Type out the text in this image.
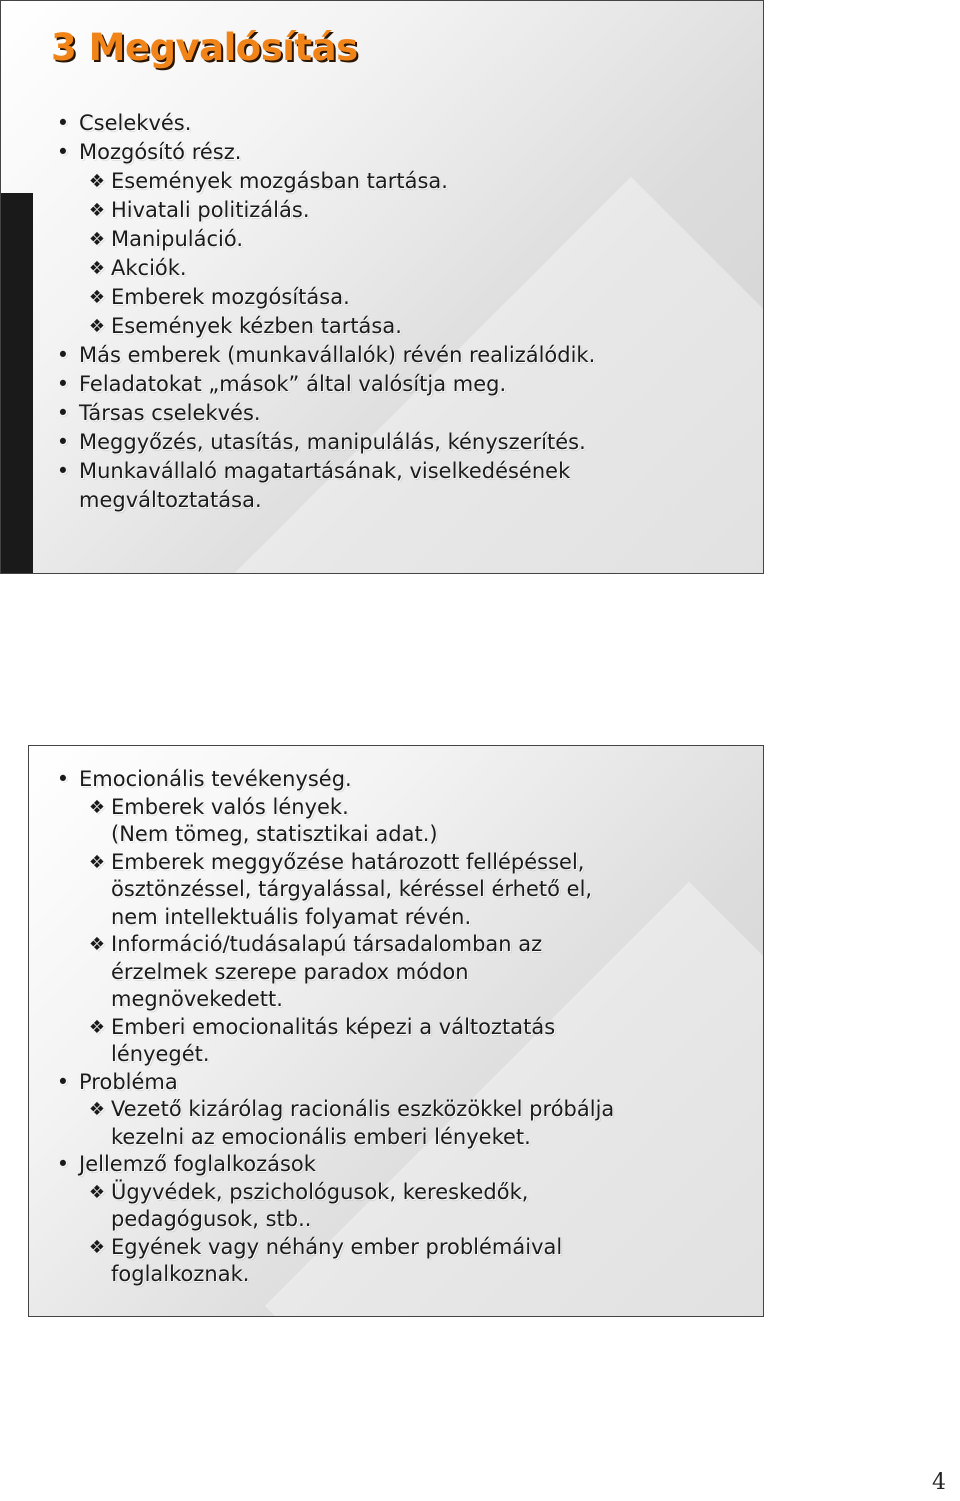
3 Megvalósítás
• Cselekvés.
• Mozgósító rész.
❖ Események mozgásban tartása.
❖ Hivatali politizálás.
❖ Manipuláció.
❖ Akciók.
❖ Emberek mozgósítása.
❖ Események kézben tartása.
• Más emberek (munkavállalók) révén realizálódik.
• Feladatokat „mások” által valósítja meg.
• Társas cselekvés.
• Meggyőzés, utasítás, manipulálás, kényszerítés.
• Munkavállaló magatartásának, viselkedésének
megváltoztatása.
• Emocionális tevékenység.
❖ Emberek valós lények.
(Nem tömeg, statisztikai adat.)
❖ Emberek meggyőzése határozott fellépéssel,
ösztönzéssel, tárgyalással, kéréssel érhető el,
nem intellektuális folyamat révén.
❖ Információ/tudásalapú társadalomban az
érzelmek szerepe paradox módon
megnövekedett.
❖ Emberi emocionalitás képezi a változtatás
lényegét.
• Probléma
❖ Vezető kizárólag racionális eszközökkel próbálja
kezelni az emocionális emberi lényeket.
• Jellemző foglalkozások
❖ Ügyvédek, pszichológusok, kereskedők,
pedagógusok, stb..
❖ Egyének vagy néhány ember problémáival
foglalkoznak.
4
